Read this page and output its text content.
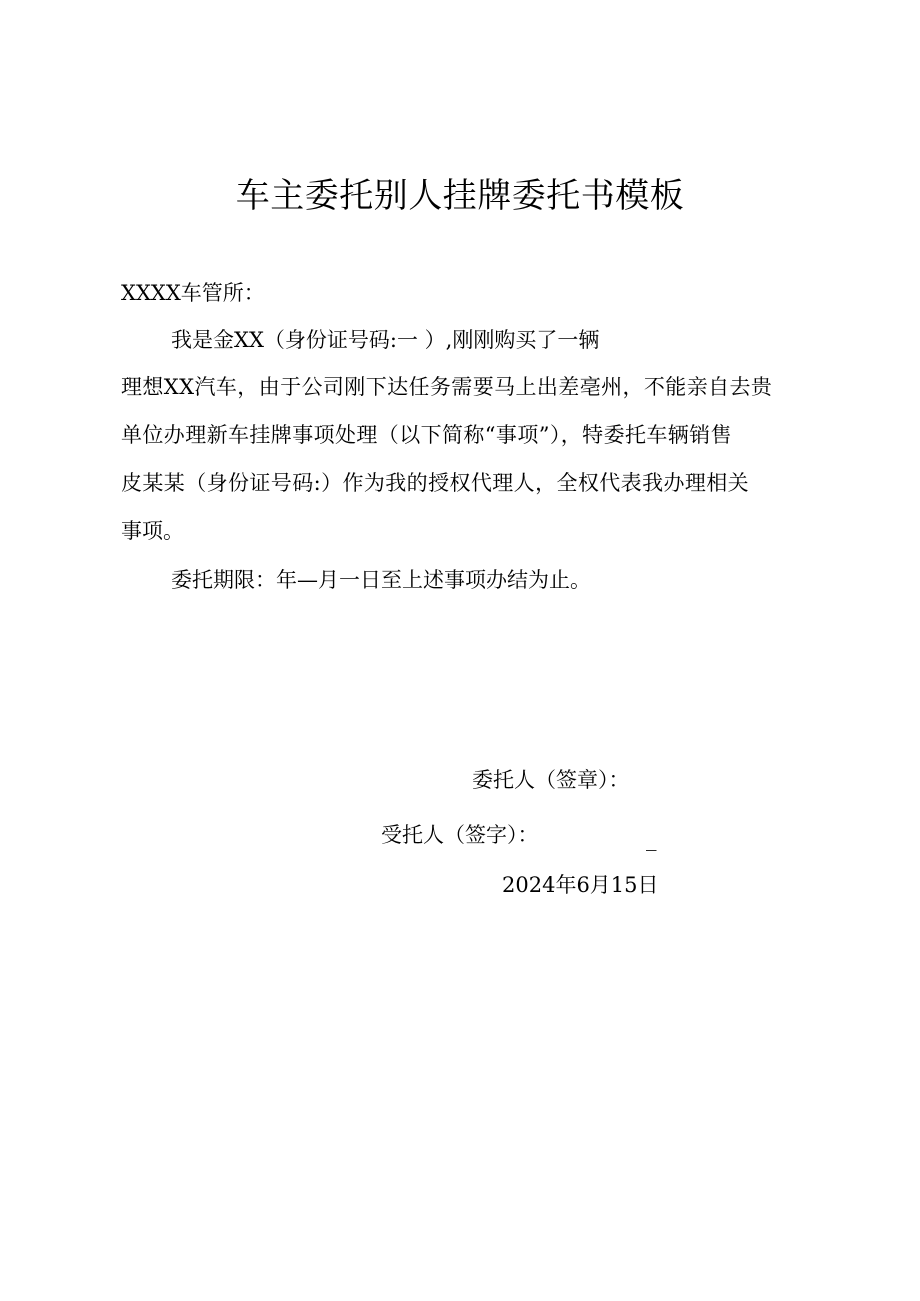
车主委托别人挂牌委托书模板
XXXX车管所：
我是金XX（身份证号码:一 ）,刚刚购买了一辆
理想XX汽车，由于公司刚下达任务需要马上出差亳州，不能亲自去贵
单位办理新车挂牌事项处理（以下简称“事项”），特委托车辆销售
皮某某（身份证号码:）作为我的授权代理人，全权代表我办理相关
事项。
委托期限：年—月一日至上述事项办结为止。
委托人（签章）：
受托人（签字）：	_
2024年6月15日
